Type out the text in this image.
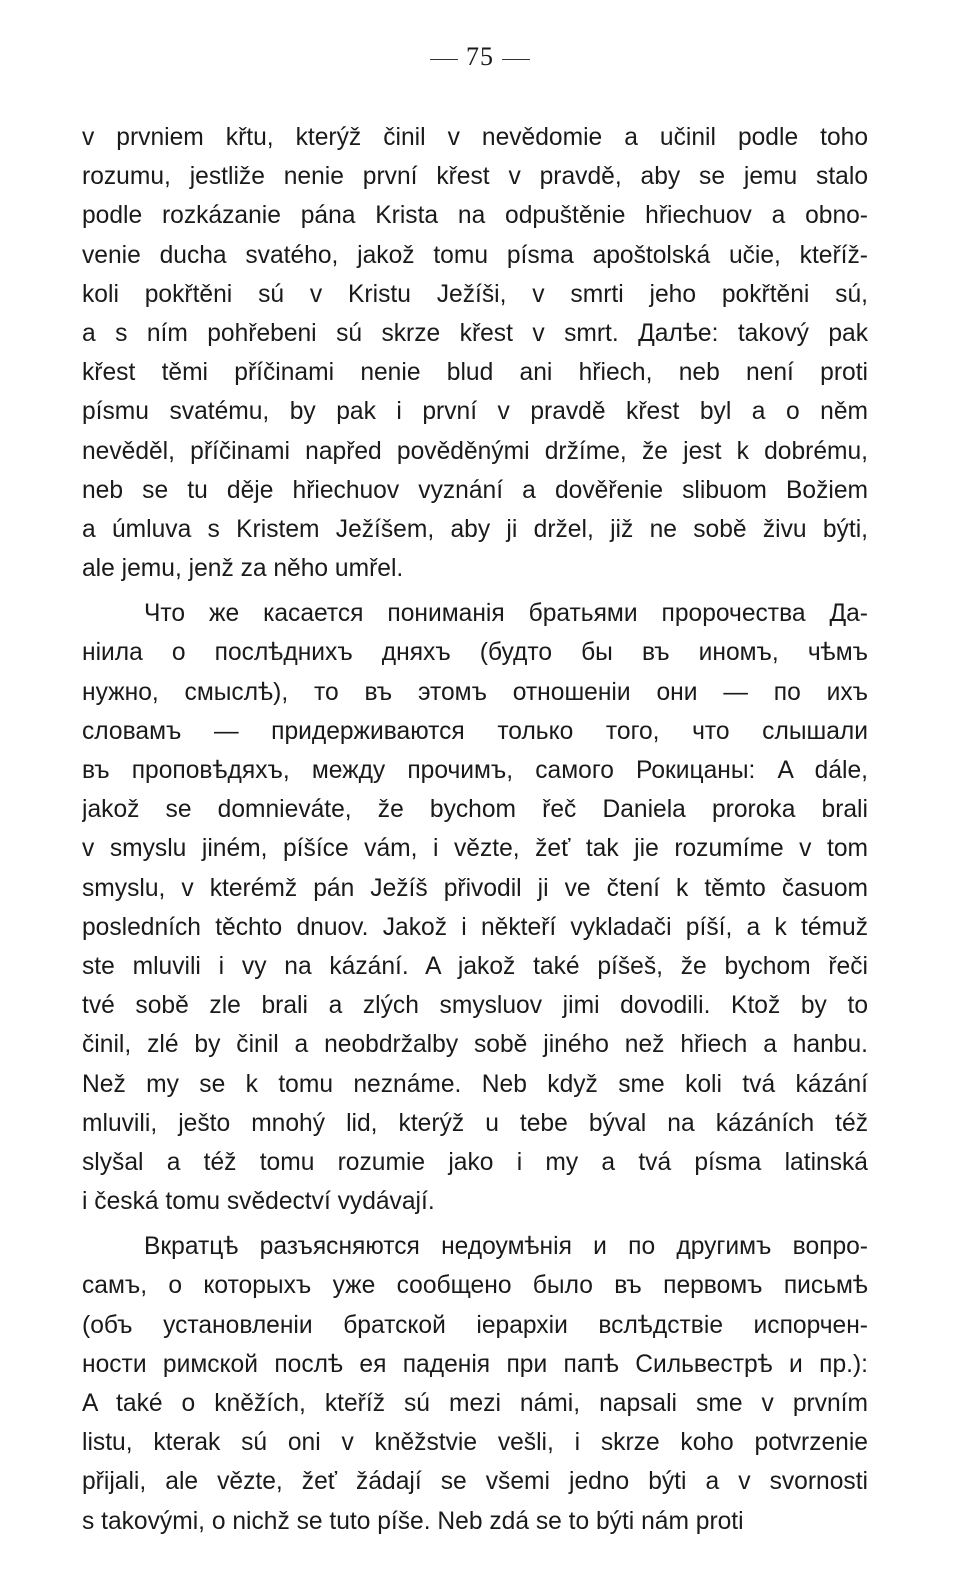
75
v prvniem křtu, kterýž činil v nevědomie a učinil podle toho
rozumu, jestliže nenie první křest v pravdě, aby se jemu stalo
podle rozkázanie pána Krista na odpuštěnie hřiechuov a obno-
venie ducha svatého, jakož tomu písma apoštolská učie, kteříž-
koli pokřtěni sú v Kristu Ježíši, v smrti jeho pokřtěni sú,
a s ním pohřebeni sú skrze křest v smrt. Далѣе: takový pak
křest těmi příčinami nenie blud ani hřiech, neb není proti
písmu svatému, by pak i první v pravdě křest byl a o něm
nevěděl, příčinami napřed pověděnými držíme, že jest k dobrému,
neb se tu děje hřiechuov vyznání a dověřenie slibuom Božiem
a úmluva s Kristem Ježíšem, aby ji držel, již ne sobě živu býti,
ale jemu, jenž za něho umřel.
Что же касается пониманія братьями пророчества Да-
ніила о послѣднихъ дняхъ (будто бы въ иномъ, чѣмъ
нужно, смыслѣ), то въ этомъ отношеніи они — по ихъ
словамъ — придерживаются только того, что слышали
въ проповѣдяхъ, между прочимъ, самого Рокицаны: A dále,
jakož se domnieváte, že bychom řeč Daniela proroka brali
v smyslu jiném, píšíce vám, i vězte, žeť tak jie rozumíme v tom
smyslu, v kterémž pán Ježíš přivodil ji ve čtení k těmto časuom
posledních těchto dnuov. Jakož i někteří vykladači píší, a k témuž
ste mluvili i vy na kázání. A jakož také píšeš, že bychom řeči
tvé sobě zle brali a zlých smysluov jimi dovodili. Ktož by to
činil, zlé by činil a neobdržalby sobě jiného než hřiech a hanbu.
Než my se k tomu neznáme. Neb když sme koli tvá kázání
mluvili, ješto mnohý lid, kterýž u tebe býval na kázáních též
slyšal a též tomu rozumie jako i my a tvá písma latinská
i česká tomu svědectví vydávají.
Вкратцѣ разъясняются недоумѣнія и по другимъ вопро-
самъ, о которыхъ уже сообщено было въ первомъ письмѣ
(объ установленіи братской іерархіи вслѣдствіе испорчен-
ности римской послѣ ея паденія при папѣ Сильвестрѣ и пр.):
A také o kněžích, kteříž sú mezi námi, napsali sme v prvním
listu, kterak sú oni v kněžstvie vešli, i skrze koho potvrzenie
přijali, ale vězte, žeť žádají se všemi jedno býti a v svornosti
s takovými, o nichž se tuto píše. Neb zdá se to býti nám proti
